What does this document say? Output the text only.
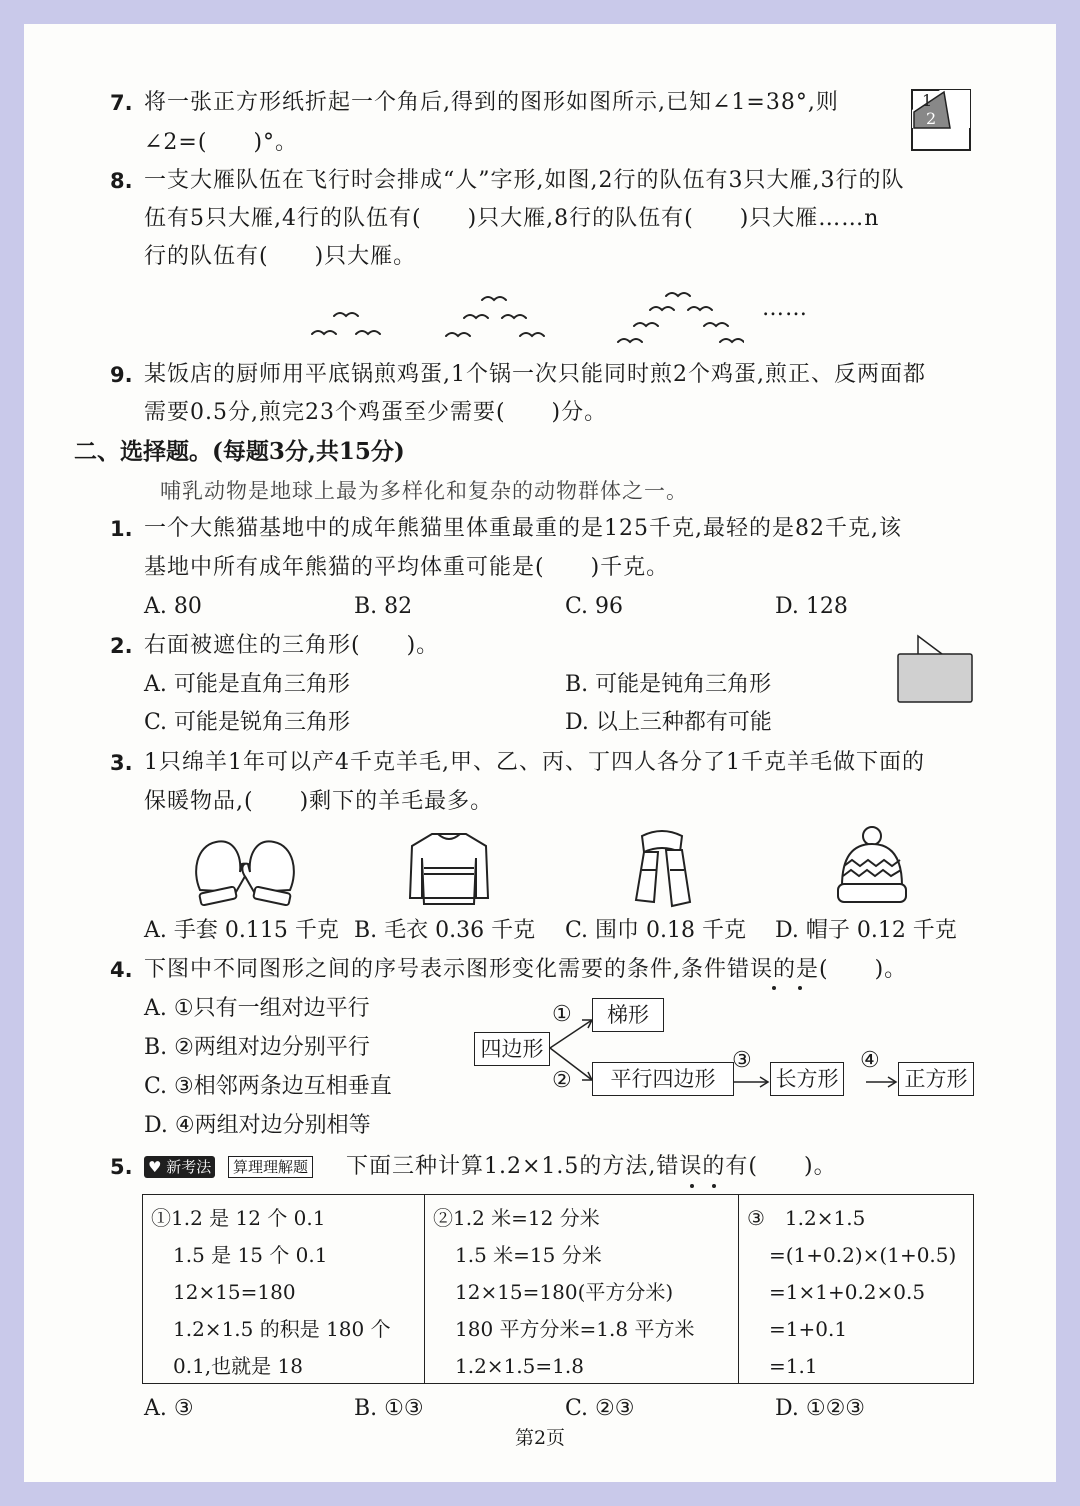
7. 将一张正方形纸折起一个角后,得到的图形如图所示,已知∠1=38°,则
∠2=(　　)°。
1
2
8. 一支大雁队伍在飞行时会排成“人”字形,如图,2行的队伍有3只大雁,3行的队
伍有5只大雁,4行的队伍有(　　)只大雁,8行的队伍有(　　)只大雁……n
行的队伍有(　　)只大雁。
……
9. 某饭店的厨师用平底锅煎鸡蛋,1个锅一次只能同时煎2个鸡蛋,煎正、反两面都
需要0.5分,煎完23个鸡蛋至少需要(　　)分。
二、选择题。(每题3分,共15分)
哺乳动物是地球上最为多样化和复杂的动物群体之一。
1. 一个大熊猫基地中的成年熊猫里体重最重的是125千克,最轻的是82千克,该
基地中所有成年熊猫的平均体重可能是(　　)千克。
A. 80	B. 82	C. 96	D. 128
2. 右面被遮住的三角形(　　)。
A. 可能是直角三角形	B. 可能是钝角三角形
C. 可能是锐角三角形	D. 以上三种都有可能
3. 1只绵羊1年可以产4千克羊毛,甲、乙、丙、丁四人各分了1千克羊毛做下面的
保暖物品,(　　)剩下的羊毛最多。
A. 手套 0.115 千克 B. 毛衣 0.36 千克 C. 围巾 0.18 千克 D. 帽子 0.12 千克
4. 下图中不同图形之间的序号表示图形变化需要的条件,条件错误的是(　　)。
A. ①只有一组对边平行
B. ②两组对边分别平行
C. ③相邻两条边互相垂直
D. ④两组对边分别相等
四边形
梯形
平行四边形	长方形	正方形
①
②
③	④
5. ♥ 新考法	算理理解题 下面三种计算1.2×1.5的方法,错误的有(　　)。
①1.2 是 12 个 0.1
1.5 是 15 个 0.1
12×15=180
1.2×1.5 的积是 180 个
0.1,也就是 18
②1.2 米=12 分米
1.5 米=15 分米
12×15=180(平方分米)
180 平方分米=1.8 平方米
1.2×1.5=1.8
③　1.2×1.5
=(1+0.2)×(1+0.5)
=1×1+0.2×0.5
=1+0.1
=1.1
A. ③	B. ①③	C. ②③	D. ①②③
第2页
